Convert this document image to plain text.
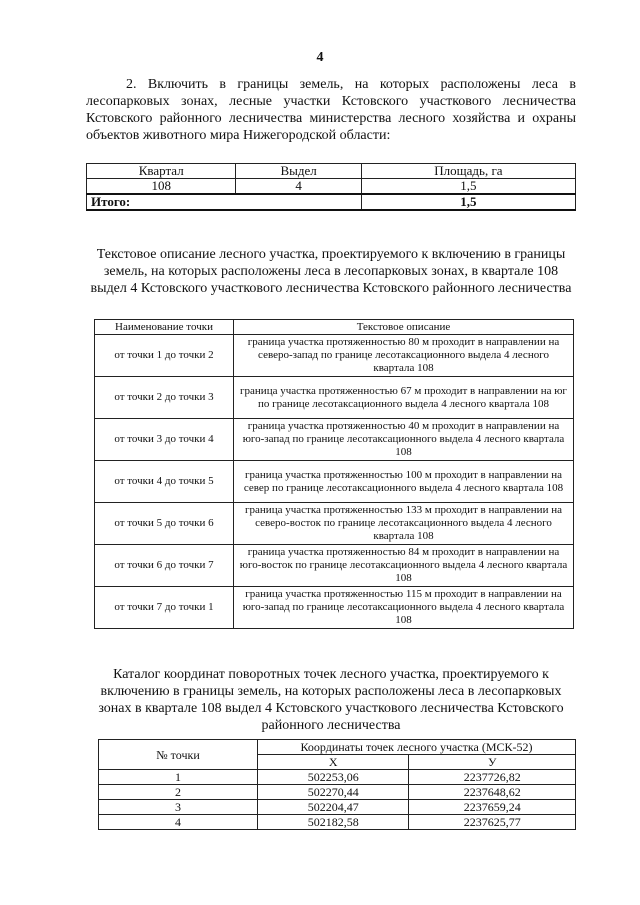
4

2. Включить в границы земель, на которых расположены леса в лесопарковых зонах, лесные участки Кстовского участкового лесничества Кстовского районного лесничества министерства лесного хозяйства и охраны объектов животного мира Нижегородской области:

Квартал	Выдел	Площадь, га
108	4	1,5
Итого:		1,5
Текстовое описание лесного участка, проектируемого к включению в границы земель, на которых расположены леса в лесопарковых зонах, в квартале 108 выдел 4 Кстовского участкового лесничества Кстовского районного лесничества
Наименование точки	Текстовое описание
от точки 1 до точки 2	граница участка протяженностью 80 м проходит в направлении на северо-запад по границе лесотаксационного выдела 4 лесного квартала 108
от точки 2 до точки 3	граница участка протяженностью 67 м проходит в направлении на юг по границе лесотаксационного выдела 4 лесного квартала 108
от точки 3 до точки 4	граница участка протяженностью 40 м проходит в направлении на юго-запад по границе лесотаксационного выдела 4 лесного квартала 108
от точки 4 до точки 5	граница участка протяженностью 100 м проходит в направлении на север по границе лесотаксационного выдела 4 лесного квартала 108
от точки 5 до точки 6	граница участка протяженностью 133 м проходит в направлении на северо-восток по границе лесотаксационного выдела 4 лесного квартала 108
от точки 6 до точки 7	граница участка протяженностью 84 м проходит в направлении на юго-восток по границе лесотаксационного выдела 4 лесного квартала 108
от точки 7 до точки 1	граница участка протяженностью 115 м проходит в направлении на юго-запад по границе лесотаксационного выдела 4 лесного квартала 108
Каталог координат поворотных точек лесного участка, проектируемого к включению в границы земель, на которых расположены леса в лесопарковых зонах в квартале 108 выдел 4 Кстовского участкового лесничества Кстовского районного лесничества
№ точки	Координаты точек лесного участка (МСК-52)	
	X	У
1	502253,06	2237726,82
2	502270,44	2237648,62
3	502204,47	2237659,24
4	502182,58	2237625,77
